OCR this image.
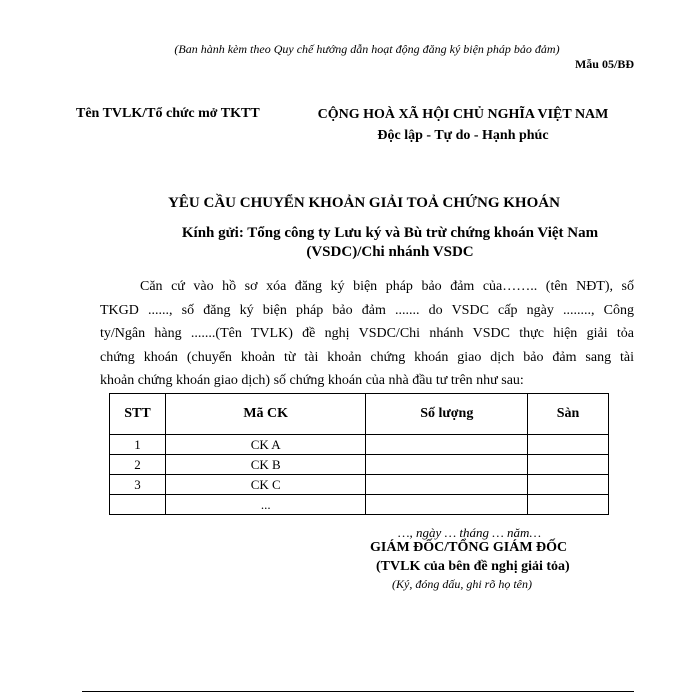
(Ban hành kèm theo Quy chế hướng dẫn hoạt động đăng ký biện pháp bảo đảm)
Mẫu 05/BĐ
Tên TVLK/Tổ chức mở TKTT	CỘNG HOÀ XÃ HỘI CHỦ NGHĨA VIỆT NAM
Độc lập - Tự do - Hạnh phúc
YÊU CẦU CHUYỂN KHOẢN GIẢI TOẢ CHỨNG KHOÁN
Kính gửi: Tổng công ty Lưu ký và Bù trừ chứng khoán Việt Nam
(VSDC)/Chi nhánh VSDC
Căn cứ vào hồ sơ xóa đăng ký biện pháp bảo đảm của…….. (tên NĐT), số
TKGD ......, số đăng ký biện pháp bảo đảm ....... do VSDC cấp ngày ........, Công
ty/Ngân hàng .......(Tên TVLK) đề nghị VSDC/Chi nhánh VSDC thực hiện giải tỏa
chứng khoán (chuyển khoản từ tài khoản chứng khoán giao dịch bảo đảm sang tài
khoản chứng khoán giao dịch) số chứng khoán của nhà đầu tư trên như sau:
STT	Mã CK	Số lượng	Sàn
1	CK A		
2	CK B		
3	CK C		
	...		
…, ngày … tháng … năm…
GIÁM ĐỐC/TỔNG GIÁM ĐỐC
(TVLK của bên đề nghị giải tỏa)
(Ký, đóng dấu, ghi rõ họ tên)
